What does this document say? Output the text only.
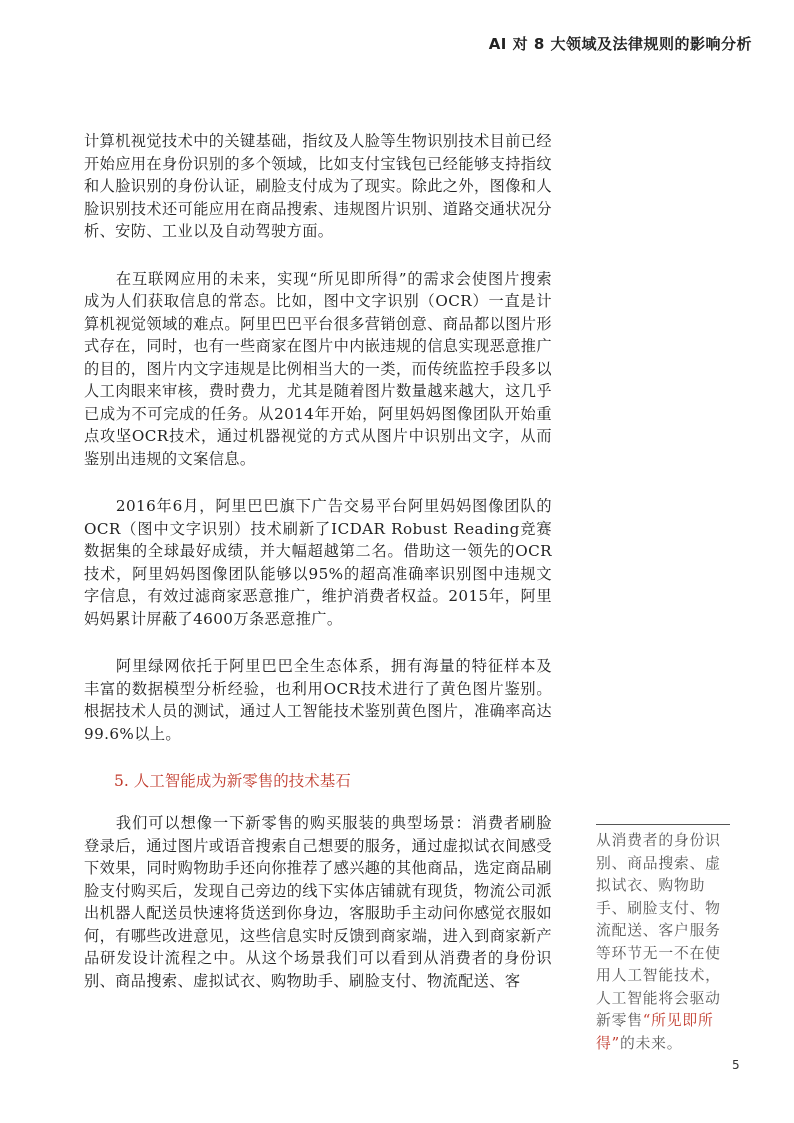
AI 对 8 大领域及法律规则的影响分析

计算机视觉技术中的关键基础，指纹及人脸等生物识别技术目前已经开始应用在身份识别的多个领域，比如支付宝钱包已经能够支持指纹和人脸识别的身份认证，刷脸支付成为了现实。除此之外，图像和人脸识别技术还可能应用在商品搜索、违规图片识别、道路交通状况分析、安防、工业以及自动驾驶方面。

在互联网应用的未来，实现“所见即所得”的需求会使图片搜索成为人们获取信息的常态。比如，图中文字识别（OCR）一直是计算机视觉领域的难点。阿里巴巴平台很多营销创意、商品都以图片形式存在，同时，也有一些商家在图片中内嵌违规的信息实现恶意推广的目的，图片内文字违规是比例相当大的一类，而传统监控手段多以人工肉眼来审核，费时费力，尤其是随着图片数量越来越大，这几乎已成为不可完成的任务。从2014年开始，阿里妈妈图像团队开始重点攻坚OCR技术，通过机器视觉的方式从图片中识别出文字，从而鉴别出违规的文案信息。

2016年6月，阿里巴巴旗下广告交易平台阿里妈妈图像团队的OCR（图中文字识别）技术刷新了ICDAR Robust Reading竞赛数据集的全球最好成绩，并大幅超越第二名。借助这一领先的OCR技术，阿里妈妈图像团队能够以95%的超高准确率识别图中违规文字信息，有效过滤商家恶意推广，维护消费者权益。2015年，阿里妈妈累计屏蔽了4600万条恶意推广。

阿里绿网依托于阿里巴巴全生态体系，拥有海量的特征样本及丰富的数据模型分析经验，也利用OCR技术进行了黄色图片鉴别。根据技术人员的测试，通过人工智能技术鉴别黄色图片，准确率高达99.6%以上。

5. 人工智能成为新零售的技术基石

我们可以想像一下新零售的购买服装的典型场景：消费者刷脸登录后，通过图片或语音搜索自己想要的服务，通过虚拟试衣间感受下效果，同时购物助手还向你推荐了感兴趣的其他商品，选定商品刷脸支付购买后，发现自己旁边的线下实体店铺就有现货，物流公司派出机器人配送员快速将货送到你身边，客服助手主动问你感觉衣服如何，有哪些改进意见，这些信息实时反馈到商家端，进入到商家新产品研发设计流程之中。从这个场景我们可以看到从消费者的身份识别、商品搜索、虚拟试衣、购物助手、刷脸支付、物流配送、客

从消费者的身份识别、商品搜索、虚拟试衣、购物助手、刷脸支付、物流配送、客户服务等环节无一不在使用人工智能技术，人工智能将会驱动新零售“所见即所得”的未来。
5
